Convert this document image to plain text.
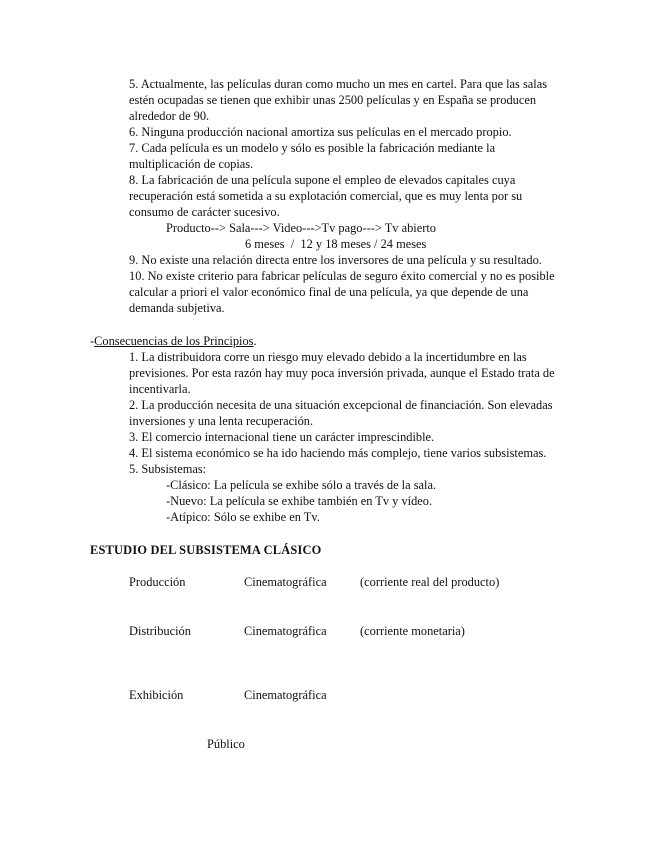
5. Actualmente, las películas duran como mucho un mes en cartel. Para que las salas estén ocupadas se tienen que exhibir unas 2500 películas y en España se producen alrededor de 90.

6. Ninguna producción nacional amortiza sus películas en el mercado propio.

7. Cada película es un modelo y sólo es posible la fabricación mediante la multiplicación de copias.

8. La fabricación de una película supone el empleo de elevados capitales cuya recuperación está sometida a su explotación comercial, que es muy lenta por su consumo de carácter sucesivo.

Producto--> Sala---> Video--->Tv pago---> Tv abierto

6 meses  /  12 y 18 meses / 24 meses

9. No existe una relación directa entre los inversores de una película y su resultado.

10. No existe criterio para fabricar películas de seguro éxito comercial y no es posible calcular a priori el valor económico final de una película, ya que depende de una demanda subjetiva.

-Consecuencias de los Principios.

1. La distribuidora corre un riesgo muy elevado debido a la incertidumbre en las previsiones. Por esta razón hay muy poca inversión privada, aunque el Estado trata de incentivarla.

2. La producción necesita de una situación excepcional de financiación. Son elevadas inversiones y una lenta recuperación.

3. El comercio internacional tiene un carácter imprescindible.

4. El sistema económico se ha ido haciendo más complejo, tiene varios subsistemas.

5. Subsistemas:

-Clásico: La película se exhibe sólo a través de la sala.

-Nuevo: La película se exhibe también en Tv y vídeo.

-Atípico: Sólo se exhibe en Tv.

ESTUDIO DEL SUBSISTEMA CLÁSICO

Producción	Cinematográfica	(corriente real del producto)
Distribución	Cinematográfica	(corriente monetaria)
Exhibición	Cinematográfica

Público
